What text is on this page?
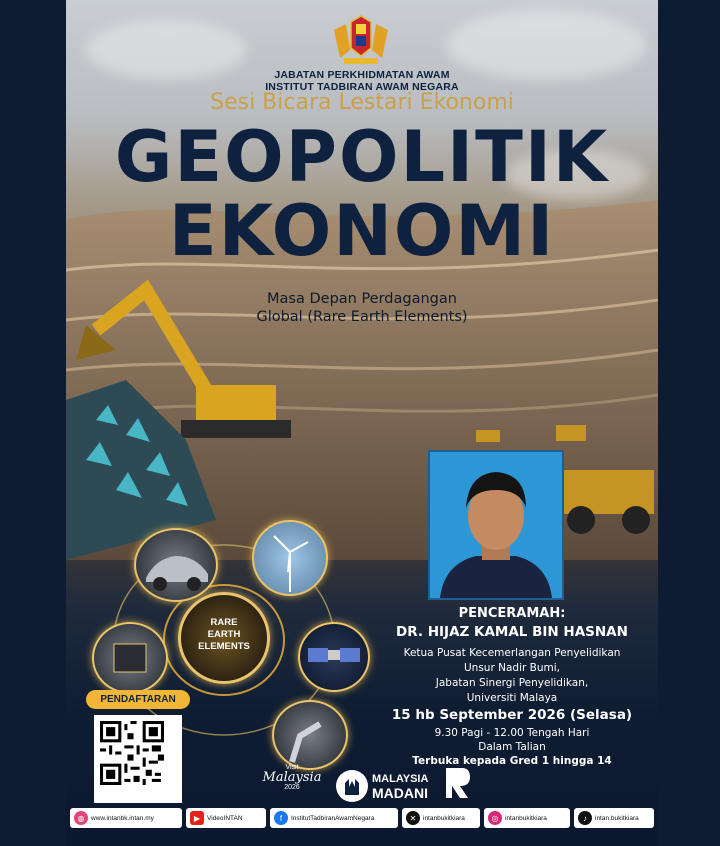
JABATAN PERKHIDMATAN AWAM
INSTITUT TADBIRAN AWAM NEGARA
Sesi Bicara Lestari Ekonomi
GEOPOLITIK
EKONOMI
Masa Depan Perdagangan
Global (Rare Earth Elements)
RARE
EARTH
ELEMENTS
PENCERAMAH:
DR. HIJAZ KAMAL BIN HASNAN
Ketua Pusat Kecemerlangan Penyelidikan
Unsur Nadir Bumi,
Jabatan Sinergi Penyelidikan,
Universiti Malaya
15 hb September 2026 (Selasa)
9.30 Pagi - 12.00 Tengah Hari
Dalam Talian
Terbuka kepada Gred 1 hingga 14
PENDAFTARAN
Visit
Malaysia
2026
MALAYSIA
MADANI
◍	www.intanbk.intan.my	▶	VideoINTAN	f	InstitutTadbiranAwamNegara	✕	intanbukitkiara	◎	intanbukitkiara	♪	intan.bukitkiara
